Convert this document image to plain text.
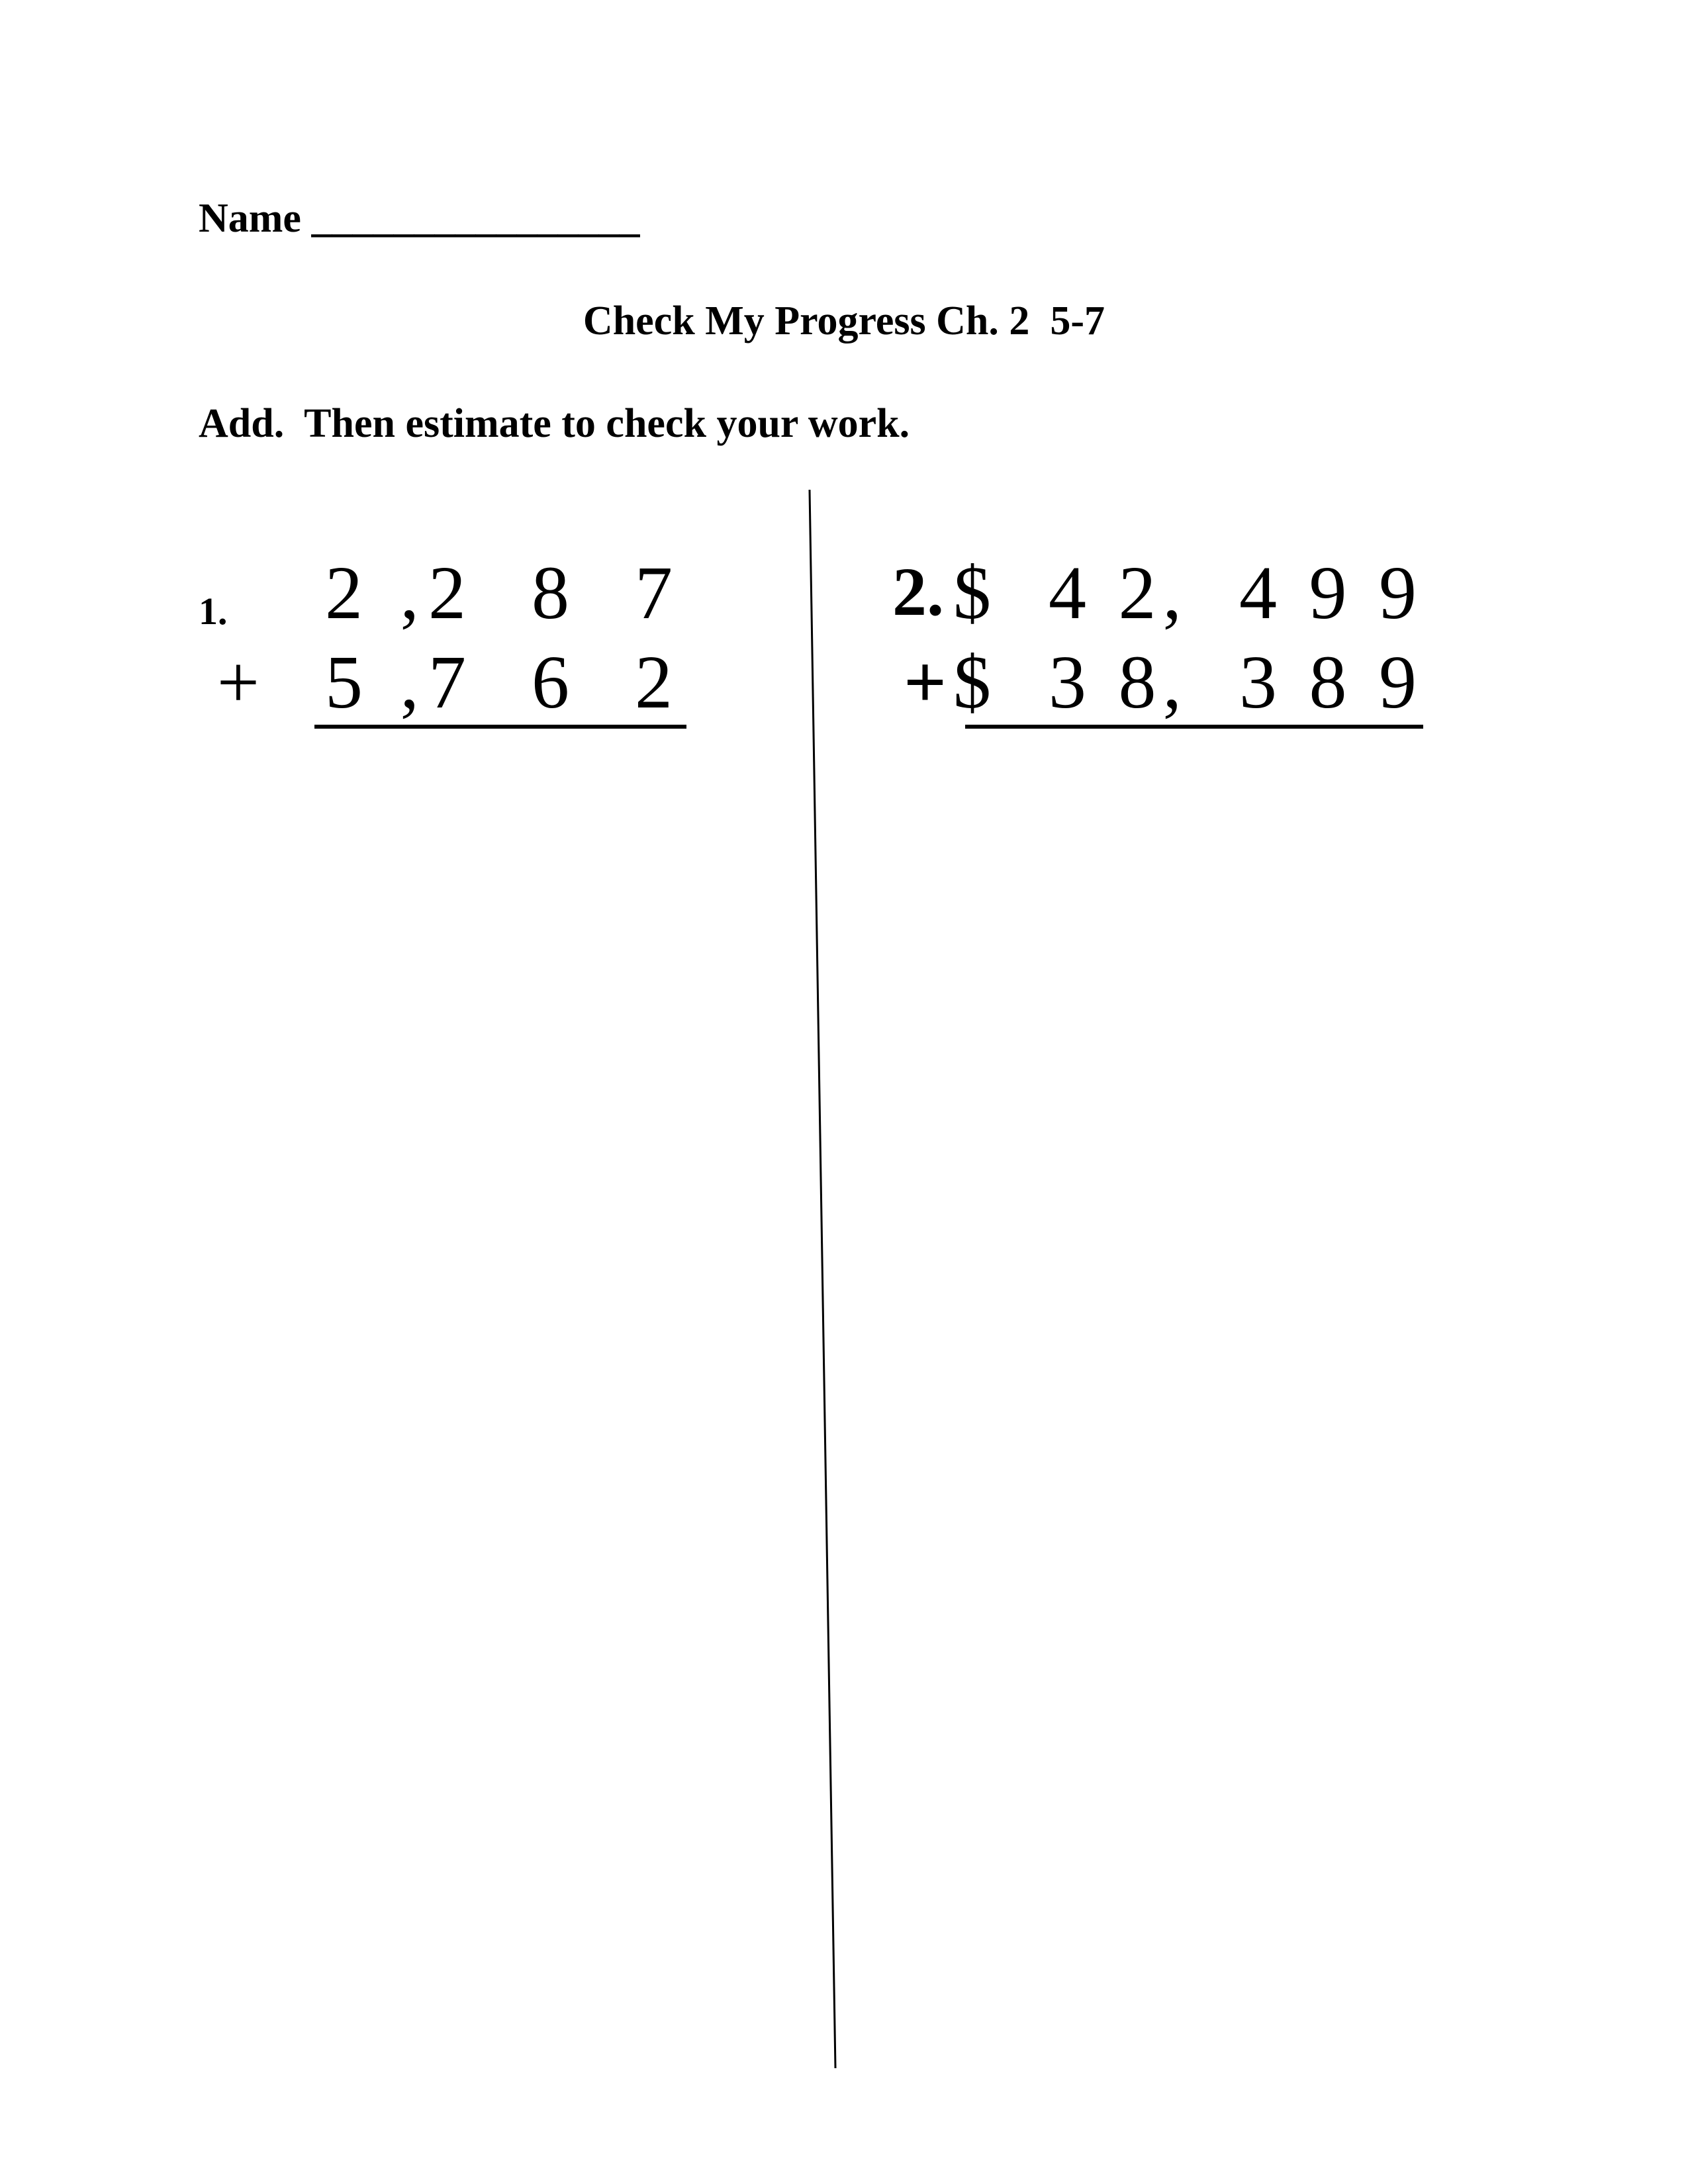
Name ________________
Check My Progress Ch. 2  5-7
Add.  Then estimate to check your work.
1. 2 ,2  8  7
+  5 ,7  6  2
2. $  4 2,  4 9 9
+$  3 8,  3 8 9
